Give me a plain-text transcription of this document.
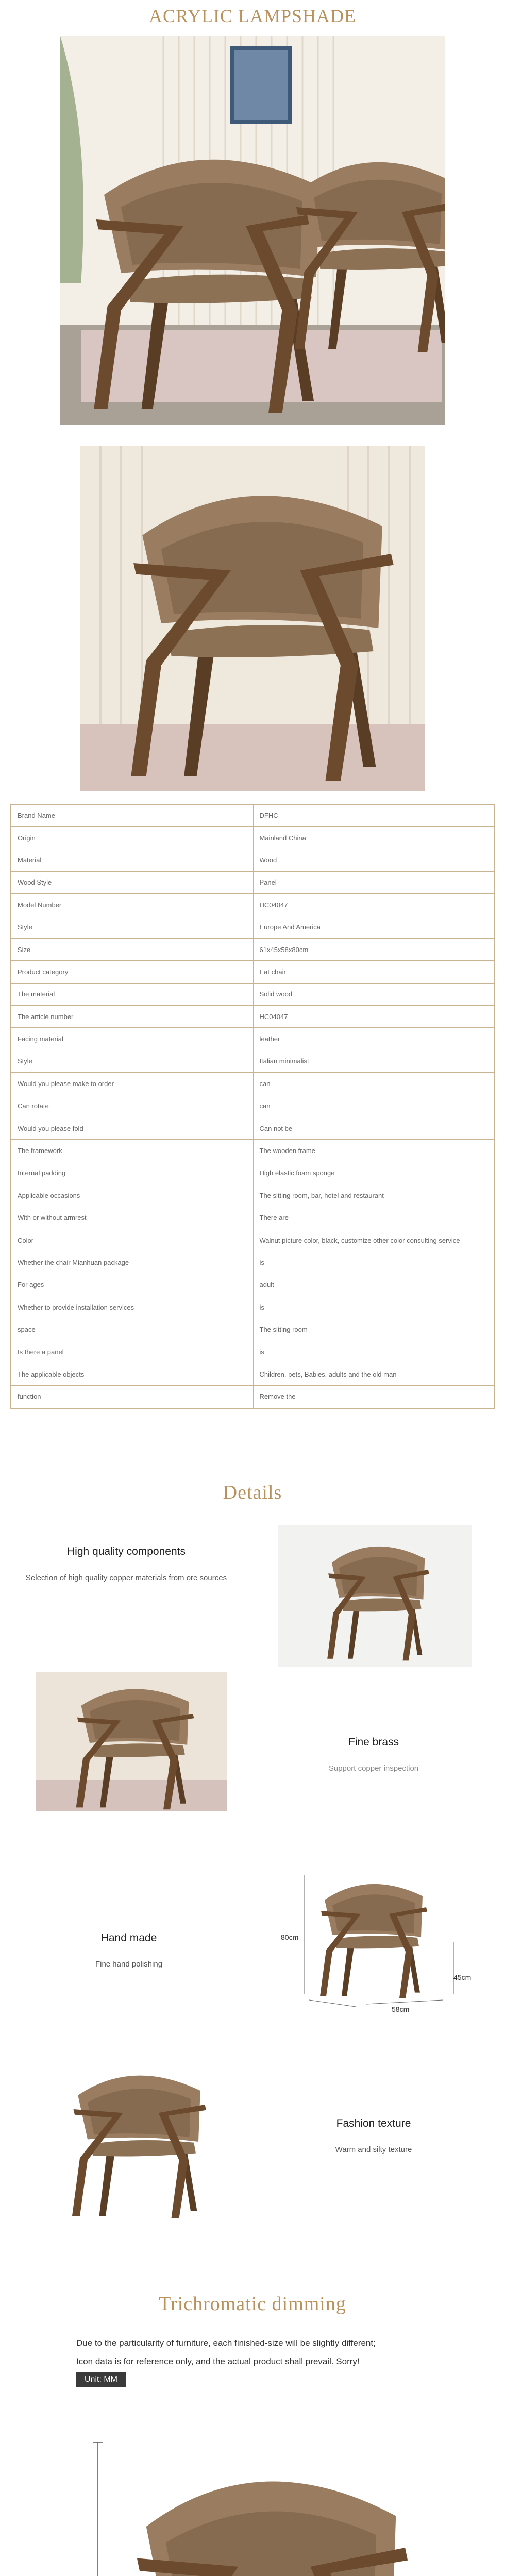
ACRYLIC LAMPSHADE
Brand Name	DFHC
Origin	Mainland China
Material	Wood
Wood Style	Panel
Model Number	HC04047
Style	Europe And America
Size	61x45x58x80cm
Product category	Eat chair
The material	Solid wood
The article number	HC04047
Facing material	leather
Style	Italian minimalist
Would you please make to order	can
Can rotate	can
Would you please fold	Can not be
The framework	The wooden frame
Internal padding	High elastic foam sponge
Applicable occasions	The sitting room, bar, hotel and restaurant
With or without armrest	There are
Color	Walnut picture color, black, customize other color consulting service
Whether the chair Mianhuan package	is
For ages	adult
Whether to provide installation services	is
space	The sitting room
Is there a panel	is
The applicable objects	Children, pets, Babies, adults and the old man
function	Remove the
Details
High quality components
Selection of high quality copper materials from ore sources
Fine brass
Support copper inspection
Hand made
Fine hand polishing
80cm
45cm
58cm
Fashion texture
Warm and silty texture
Trichromatic dimming
Due to the particularity of furniture, each finished-size will be slightly different;
Icon data is for reference only, and the actual product shall prevail. Sorry!
Unit: MM
